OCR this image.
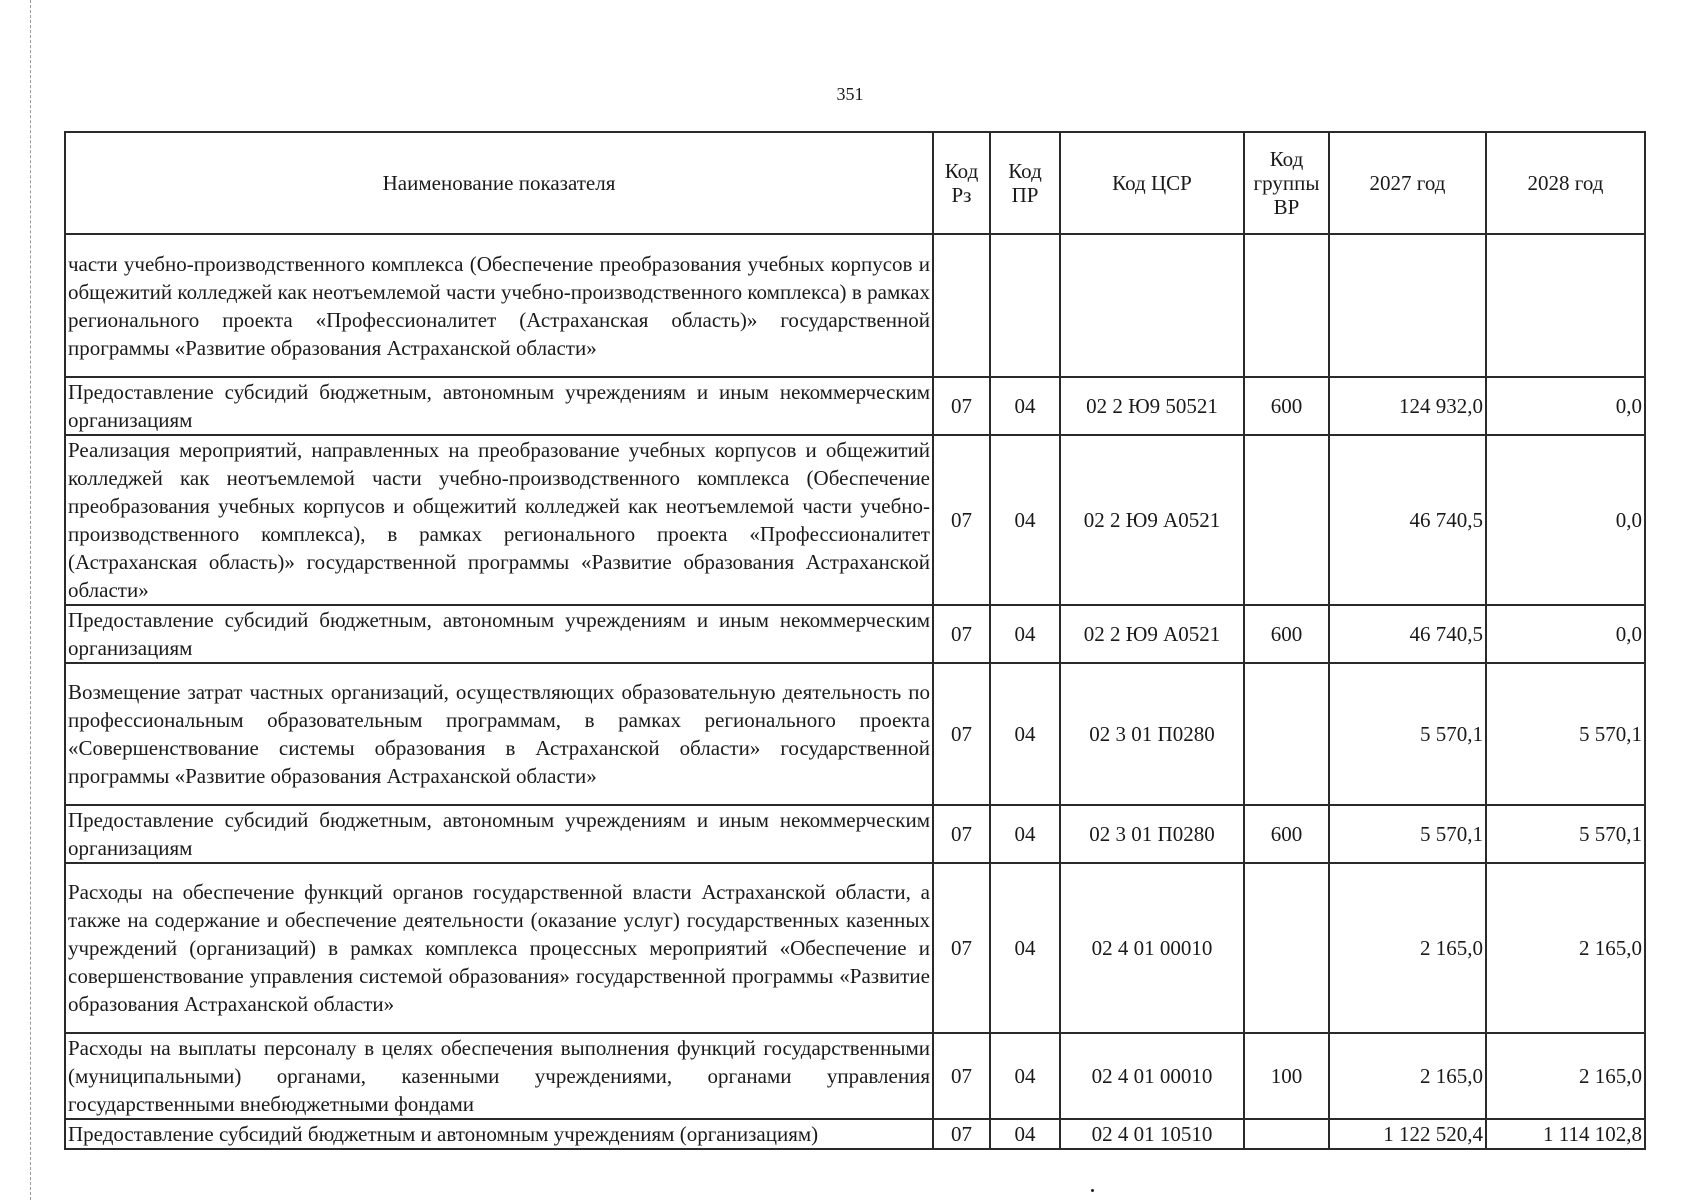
351
Наименование показателя	Код Рз	Код ПР	Код ЦСР	Код группы ВР	2027 год	2028 год
части учебно-производственного комплекса (Обеспечение преобразования учебных корпусов и общежитий колледжей как неотъемлемой части учебно-производственного комплекса) в рамках регионального проекта «Профессионалитет (Астраханская область)» государственной программы «Развитие образования Астраханской области»						
Предоставление субсидий бюджетным, автономным учреждениям и иным некоммерческим организациям	07	04	02 2 Ю9 50521	600	124 932,0	0,0
Реализация мероприятий, направленных на преобразование учебных корпусов и общежитий колледжей как неотъемлемой части учебно-производственного комплекса (Обеспечение преобразования учебных корпусов и общежитий колледжей как неотъемлемой части учебно-производственного комплекса), в рамках регионального проекта «Профессионалитет (Астраханская область)» государственной программы «Развитие образования Астраханской области»	07	04	02 2 Ю9 А0521		46 740,5	0,0
Предоставление субсидий бюджетным, автономным учреждениям и иным некоммерческим организациям	07	04	02 2 Ю9 А0521	600	46 740,5	0,0
Возмещение затрат частных организаций, осуществляющих образовательную деятельность по профессиональным образовательным программам, в рамках регионального проекта «Совершенствование системы образования в Астраханской области» государственной программы «Развитие образования Астраханской области»	07	04	02 3 01 П0280		5 570,1	5 570,1
Предоставление субсидий бюджетным, автономным учреждениям и иным некоммерческим организациям	07	04	02 3 01 П0280	600	5 570,1	5 570,1
Расходы на обеспечение функций органов государственной власти Астраханской области, а также на содержание и обеспечение деятельности (оказание услуг) государственных казенных учреждений (организаций) в рамках комплекса процессных мероприятий «Обеспечение и совершенствование управления системой образования» государственной программы «Развитие образования Астраханской области»	07	04	02 4 01 00010		2 165,0	2 165,0
Расходы на выплаты персоналу в целях обеспечения выполнения функций государственными (муниципальными) органами, казенными учреждениями, органами управления государственными внебюджетными фондами	07	04	02 4 01 00010	100	2 165,0	2 165,0
Предоставление субсидий бюджетным и автономным учреждениям (организациям)	07	04	02 4 01 10510		1 122 520,4	1 114 102,8
